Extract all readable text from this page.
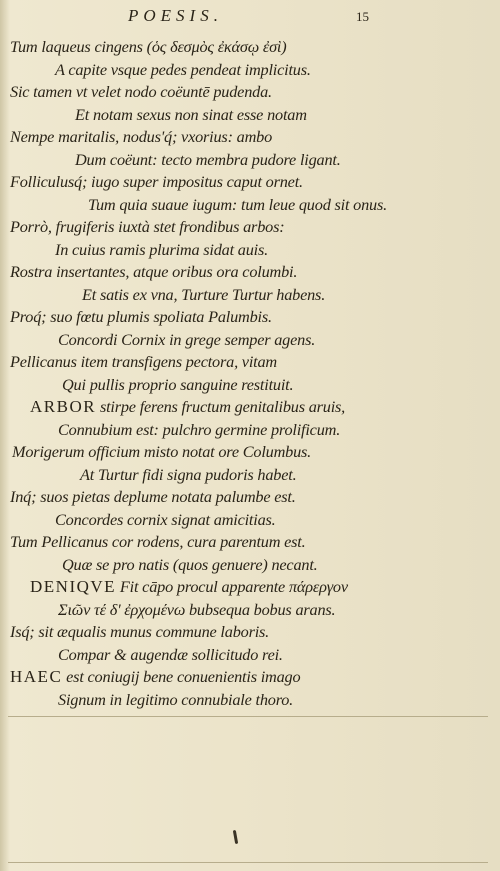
POESIS.	15
Tum laqueus cingens (ὁς δεσμὸς ἐκάσῳ ἐσὶ)
A capite vsque pedes pendeat implicitus.
Sic tamen vt velet nodo coëuntē pudenda.
Et notam sexus non sinat esse notam
Nempe maritalis, nodus'q́; vxorius: ambo
Dum coëunt: tecto membra pudore ligant.
Folliculusq́; iugo super impositus caput ornet.
Tum quia suaue iugum: tum leue quod sit onus.
Porrò, frugiferis iuxtà stet frondibus arbos:
In cuius ramis plurima sidat auis.
Rostra insertantes, atque oribus ora columbi.
Et satis ex vna, Turture Turtur habens.
Proq́; suo fœtu plumis spoliata Palumbis.
Concordi Cornix in grege semper agens.
Pellicanus item transfigens pectora, vitam
Qui pullis proprio sanguine restituit.
ARBOR stirpe ferens fructum genitalibus aruis,
Connubium est: pulchro germine prolificum.
Morigerum officium misto notat ore Columbus.
At Turtur fidi signa pudoris habet.
Inq́; suos pietas deplume notata palumbe est.
Concordes cornix signat amicitias.
Tum Pellicanus cor rodens, cura parentum est.
Quæ se pro natis (quos genuere) necant.
DENIQVE Fit cāpo procul apparente πάρεργον
Σιῶν τέ δ' ἐρχομένω bubsequa bobus arans.
Isq́; sit æqualis munus commune laboris.
Compar & augendæ sollicitudo rei.
HAEC est coniugij bene conuenientis imago
Signum in legitimo connubiale thoro.
